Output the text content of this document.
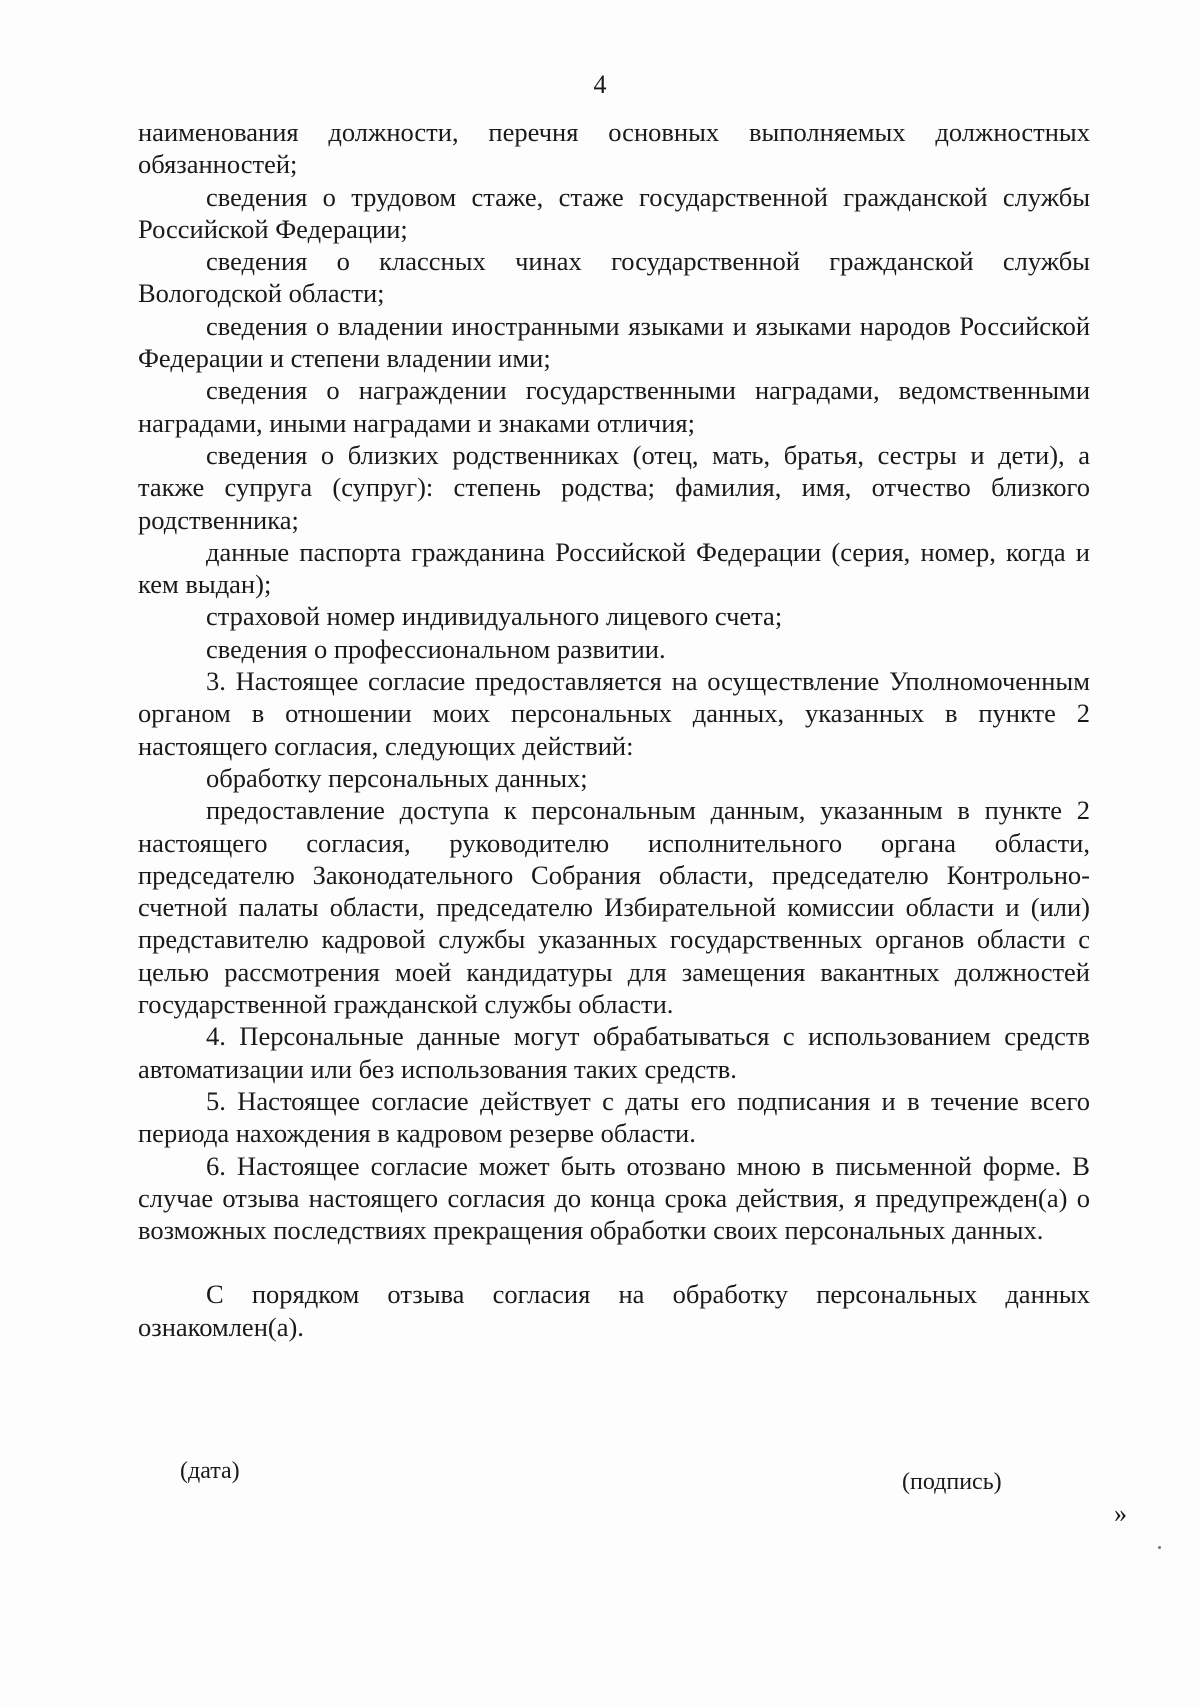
4

наименования должности, перечня основных выполняемых должностных обязанностей;

сведения о трудовом стаже, стаже государственной гражданской службы Российской Федерации;

сведения о классных чинах государственной гражданской службы Вологодской области;

сведения о владении иностранными языками и языками народов Российской Федерации и степени владении ими;

сведения о награждении государственными наградами, ведомственными наградами, иными наградами и знаками отличия;

сведения о близких родственниках (отец, мать, братья, сестры и дети), а также супруга (супруг): степень родства; фамилия, имя, отчество близкого родственника;

данные паспорта гражданина Российской Федерации (серия, номер, когда и кем выдан);

страховой номер индивидуального лицевого счета;

сведения о профессиональном развитии.

3. Настоящее согласие предоставляется на осуществление Уполномоченным органом в отношении моих персональных данных, указанных в пункте 2 настоящего согласия, следующих действий:

обработку персональных данных;

предоставление доступа к персональным данным, указанным в пункте 2 настоящего согласия, руководителю исполнительного органа области, председателю Законодательного Собрания области, председателю Контрольно-счетной палаты области, председателю Избирательной комиссии области и (или) представителю кадровой службы указанных государственных органов области с целью рассмотрения моей кандидатуры для замещения вакантных должностей государственной гражданской службы области.

4. Персональные данные могут обрабатываться с использованием средств автоматизации или без использования таких средств.

5. Настоящее согласие действует с даты его подписания и в течение всего периода нахождения в кадровом резерве области.

6. Настоящее согласие может быть отозвано мною в письменной форме. В случае отзыва настоящего согласия до конца срока действия, я предупрежден(а) о возможных последствиях прекращения обработки своих персональных данных.

С порядком отзыва согласия на обработку персональных данных ознакомлен(а).

(дата)	(подпись)
»
